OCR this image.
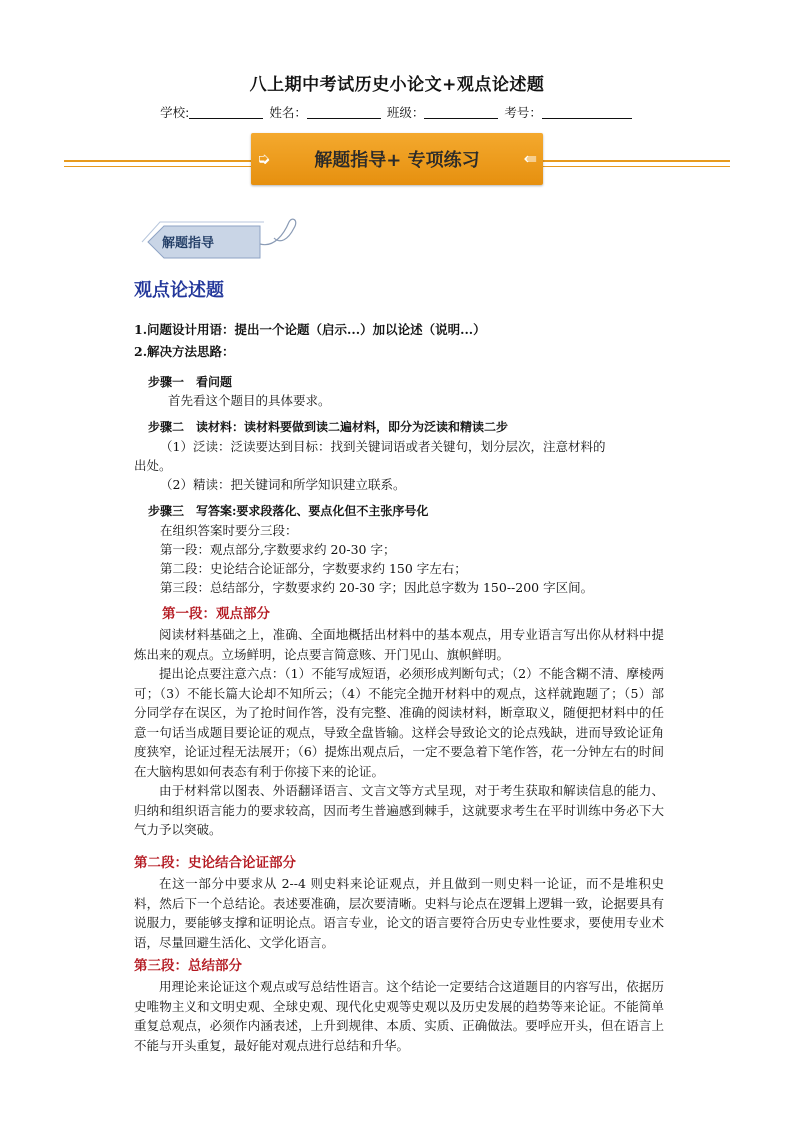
八上期中考试历史小论文+观点论述题
学校:	姓名：	班级：	考号：
➭	⇚
解题指导+ 专项练习
解题指导
观点论述题
1.问题设计用语：提出一个论题（启示...）加以论述（说明...）
2.解决方法思路：
步骤一　看问题
首先看这个题目的具体要求。
步骤二　读材料：读材料要做到读二遍材料，即分为泛读和精读二步
（1）泛读：泛读要达到目标：找到关键词语或者关键句，划分层次，注意材料的
出处。
（2）精读：把关键词和所学知识建立联系。
步骤三　写答案:要求段落化、要点化但不主张序号化
在组织答案时要分三段：
第一段：观点部分,字数要求约 20-30 字；
第二段：史论结合论证部分，字数要求约 150 字左右；
第三段：总结部分，字数要求约 20-30 字；因此总字数为 150--200 字区间。
第一段：观点部分

阅读材料基础之上，准确、全面地概括出材料中的基本观点，用专业语言写出你从材料中提炼出来的观点。立场鲜明，论点要言简意赅、开门见山、旗帜鲜明。

提出论点要注意六点：（1）不能写成短语，必须形成判断句式；（2）不能含糊不清、摩棱两可；（3）不能长篇大论却不知所云；（4）不能完全抛开材料中的观点，这样就跑题了；（5）部分同学存在误区，为了抢时间作答，没有完整、准确的阅读材料，断章取义，随便把材料中的任意一句话当成题目要论证的观点，导致全盘皆输。这样会导致论文的论点残缺，进而导致论证角度狭窄，论证过程无法展开；（6）提炼出观点后，一定不要急着下笔作答，花一分钟左右的时间在大脑构思如何表态有利于你接下来的论证。

由于材料常以图表、外语翻译语言、文言文等方式呈现，对于考生获取和解读信息的能力、归纳和组织语言能力的要求较高，因而考生普遍感到棘手，这就要求考生在平时训练中务必下大气力予以突破。

第二段：史论结合论证部分

在这一部分中要求从 2--4 则史料来论证观点，并且做到一则史料一论证，而不是堆积史料，然后下一个总结论。表述要准确，层次要清晰。史料与论点在逻辑上逻辑一致，论据要具有说服力，要能够支撑和证明论点。语言专业，论文的语言要符合历史专业性要求，要使用专业术语，尽量回避生活化、文学化语言。

第三段：总结部分

用理论来论证这个观点或写总结性语言。这个结论一定要结合这道题目的内容写出，依据历史唯物主义和文明史观、全球史观、现代化史观等史观以及历史发展的趋势等来论证。不能简单重复总观点，必须作内涵表述，上升到规律、本质、实质、正确做法。要呼应开头，但在语言上不能与开头重复，最好能对观点进行总结和升华。
